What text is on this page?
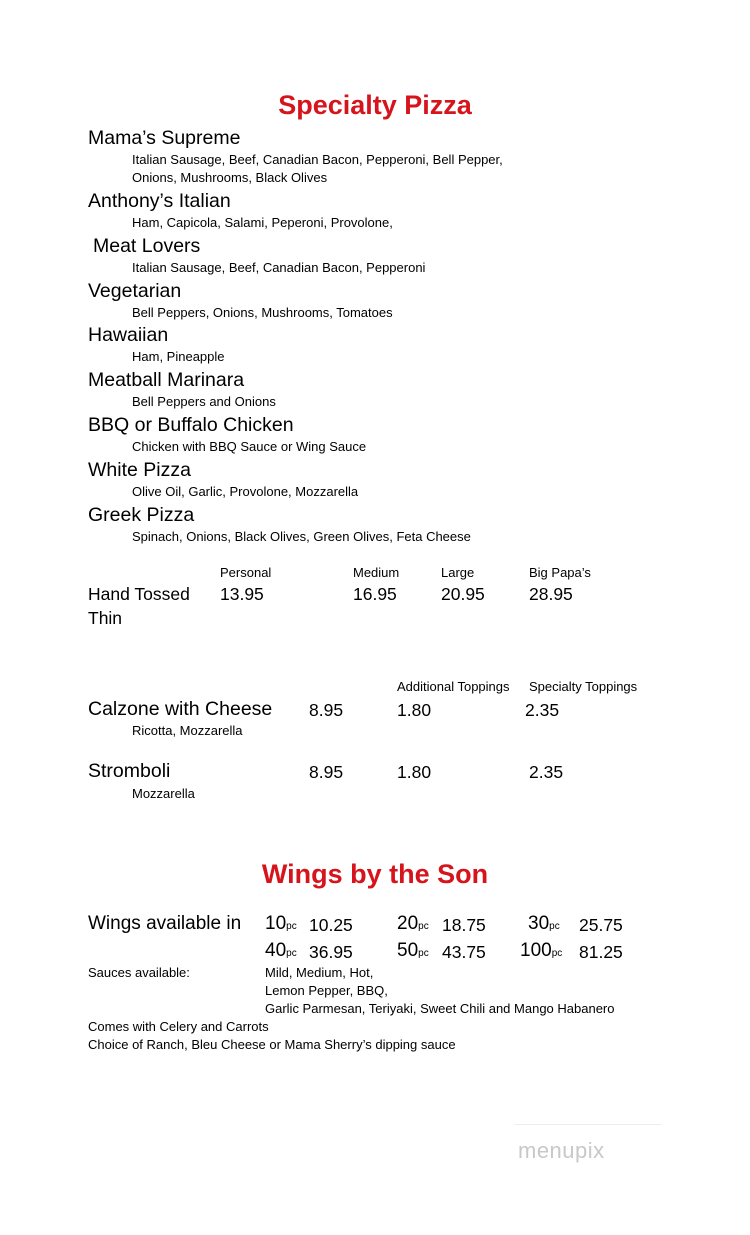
Specialty Pizza
Mama’s Supreme
Italian Sausage, Beef, Canadian Bacon, Pepperoni, Bell Pepper,
Onions, Mushrooms, Black Olives
Anthony’s Italian
Ham, Capicola, Salami, Peperoni, Provolone,
Meat Lovers
Italian Sausage, Beef, Canadian Bacon, Pepperoni
Vegetarian
Bell Peppers, Onions, Mushrooms, Tomatoes
Hawaiian
Ham, Pineapple
Meatball Marinara
Bell Peppers and Onions
BBQ or Buffalo Chicken
Chicken with BBQ Sauce or Wing Sauce
White Pizza
Olive Oil, Garlic, Provolone, Mozzarella
Greek Pizza
Spinach, Onions, Black Olives, Green Olives, Feta Cheese
Personal	Medium	Large	Big Papa’s
Hand Tossed 13.95	16.95	20.95	28.95
Thin
Additional Toppings Specialty Toppings
Calzone with Cheese 8.95	1.80	2.35
Ricotta, Mozzarella
Stromboli	8.95	1.80	2.35
Mozzarella
Wings by the Son
Wings available in 10pc 10.25 20pc 18.75 30pc 25.75
40pc 36.95 50pc 43.75 100pc 81.25
Sauces available:	Mild, Medium, Hot,
Lemon Pepper, BBQ,
Garlic Parmesan, Teriyaki, Sweet Chili and Mango Habanero
Comes with Celery and Carrots
Choice of Ranch, Bleu Cheese or Mama Sherry’s dipping sauce
menupix
